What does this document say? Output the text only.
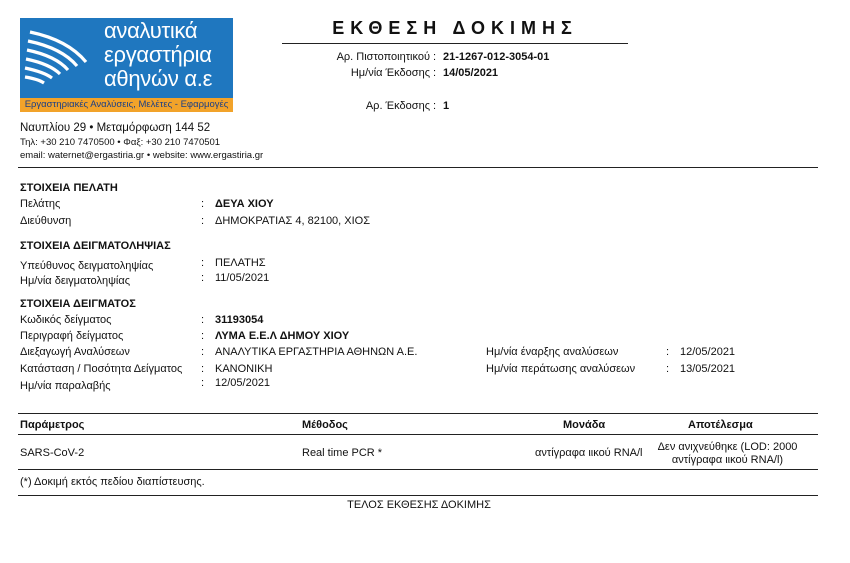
αναλυτικά
εργαστήρια
αθηνών α.ε
Εργαστηριακές Αναλύσεις, Μελέτες - Εφαρμογές
Ναυπλίου 29 • Μεταμόρφωση 144 52
Τηλ: +30 210 7470500 • Φαξ: +30 210 7470501
email: waternet@ergastiria.gr • website: www.ergastiria.gr
ΕΚΘΕΣΗ ΔΟΚΙΜΗΣ
Αρ. Πιστοποιητικού : 21-1267-012-3054-01
Ημ/νία Έκδοσης : 14/05/2021
Αρ. Έκδοσης : 1
ΣΤΟΙΧΕΙΑ ΠΕΛΑΤΗ
Πελάτης	: ΔΕΥΑ ΧΙΟΥ
Διεύθυνση	: ΔΗΜΟΚΡΑΤΙΑΣ 4, 82100, ΧΙΟΣ
ΣΤΟΙΧΕΙΑ ΔΕΙΓΜΑΤΟΛΗΨΙΑΣ
Υπεύθυνος δειγματοληψίας	: ΠΕΛΑΤΗΣ
Ημ/νία δειγματοληψίας	: 11/05/2021
ΣΤΟΙΧΕΙΑ ΔΕΙΓΜΑΤΟΣ
Κωδικός δείγματος	: 31193054
Περιγραφή δείγματος	: ΛΥΜΑ Ε.Ε.Λ ΔΗΜΟΥ ΧΙΟΥ
Διεξαγωγή Αναλύσεων	: ΑΝΑΛΥΤΙΚΑ ΕΡΓΑΣΤΗΡΙΑ ΑΘΗΝΩΝ Α.Ε.	Ημ/νία έναρξης αναλύσεων	: 12/05/2021
Κατάσταση / Ποσότητα Δείγματος : ΚΑΝΟΝΙΚΗ	Ημ/νία περάτωσης αναλύσεων	: 13/05/2021
Ημ/νία παραλαβής	: 12/05/2021
Παράμετρος	Μέθοδος	Μονάδα	Αποτέλεσμα
SARS-CoV-2	Real time PCR *	αντίγραφα ιικού RNA/l	Δεν ανιχνεύθηκε (LOD: 2000
αντίγραφα ιικού RNA/l)
(*) Δοκιμή εκτός πεδίου διαπίστευσης.
ΤΕΛΟΣ ΕΚΘΕΣΗΣ ΔΟΚΙΜΗΣ
